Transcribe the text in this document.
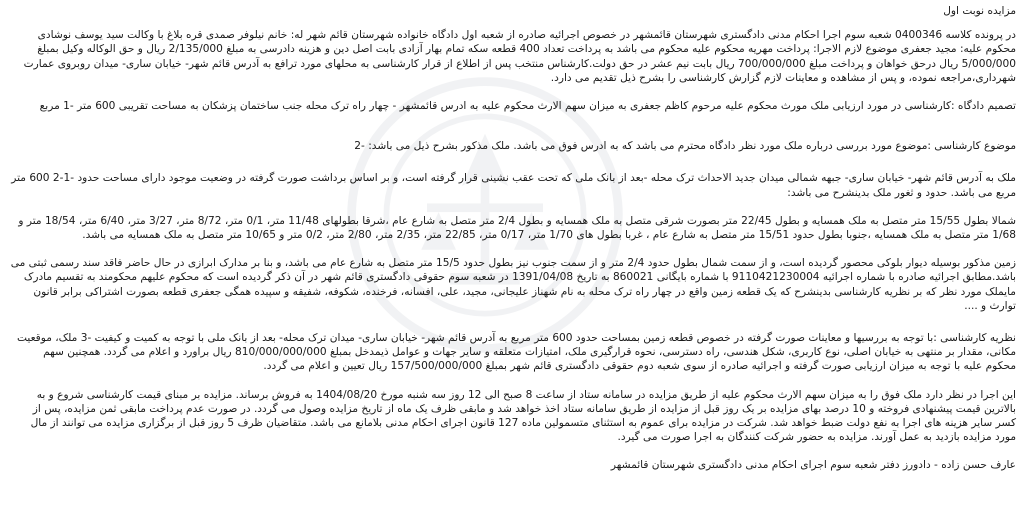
مزایده نوبت اول

در پرونده کلاسه 0400346 شعبه سوم اجرا احکام مدنی دادگستری شهرستان قائمشهر در خصوص اجرائیه صادره از شعبه اول دادگاه خانواده شهرستان قائم شهر له: خانم نیلوفر صمدی قره بلاغ با وکالت سید یوسف نوشادی محکوم علیه: مجید جعفری موضوع لازم الاجرا: پرداخت مهریه محکوم علیه محکوم می باشد به پرداخت تعداد 400 قطعه سکه تمام بهار آزادی بابت اصل دین و هزینه دادرسی به مبلغ 2/135/000 ریال و حق الوکاله وکیل بمبلغ 5/000/000 ریال درحق خواهان و پرداخت مبلغ 700/000/000 ریال بابت نیم عشر در حق دولت.کارشناس منتخب پس از اطلاع از قرار کارشناسی به محلهای مورد ترافع به آدرس قائم شهر- خیابان ساری- میدان روبروی عمارت شهرداری،مراجعه نموده، و پس از مشاهده و معاینات لازم گزارش کارشناسی را بشرح ذیل تقدیم می دارد.

تصمیم دادگاه :کارشناسی در مورد ارزیابی ملک مورث محکوم علیه مرحوم کاظم جعفری به میزان سهم الارث محکوم علیه به ادرس قائمشهر - چهار راه ترک محله جنب ساختمان پزشکان به مساحت تقریبی 600 متر -1 مربع

موضوع کارشناسی :موضوع مورد بررسی درباره ملک مورد نظر دادگاه محترم می باشد که به ادرس فوق می باشد. ملک مذکور بشرح ذیل می باشد: -2

ملک به آدرس قائم شهر- خیابان ساری- جبهه شمالی میدان جدید الاحداث ترک محله -بعد از بانک ملی که تحت عقب نشینی قرار گرفته است، و بر اساس برداشت صورت گرفته در وضعیت موجود دارای مساحت حدود -1-2 600 متر مربع می باشد. حدود و ثغور ملک بدینشرح می باشد:

شمالا بطول 15/55 متر متصل به ملک همسایه و بطول 22/45 متر بصورت شرقی متصل به ملک همسایه و بطول 2/4 متر متصل به شارع عام ،شرقا بطولهای 11/48 متر، 0/1 متر، 8/72 متر، 3/27 متر، 6/40 متر، 18/54 متر و 1/68 متر متصل به ملک همسایه ،جنوبا بطول حدود 15/51 متر متصل به شارع عام ، غربا بطول های 1/70 متر، 0/17 متر، 22/85 متر، 2/35 متر، 2/80 متر، 0/2 متر و 10/65 متر متصل به ملک همسایه می باشد.

زمین مذکور بوسیله دیوار بلوکی محصور گردیده است، و از سمت شمال بطول حدود 2/4 متر و از سمت جنوب نیز بطول حدود 15/5 متر متصل به شارع عام می باشد، و بنا بر مدارک ابرازی در حال حاضر فاقد سند رسمی ثبتی می باشد.مطابق اجرائیه صادره با شماره اجرائیه 9110421230004 با شماره بایگانی 860021 به تاریخ 1391/04/08 در شعبه سوم حقوقی دادگستری قائم شهر در آن ذکر گردیده است که محکوم علیهم محکومند به تقسیم مادرک مایملک مورد نظر که بر نظریه کارشناسی بدینشرح که یک قطعه زمین واقع در چهار راه ترک محله به نام شهناز علیجانی، مجید، علی، افسانه، فرخنده، شکوفه، شفیقه و سپیده همگی جعفری قطعه بصورت اشتراکی برابر قانون توارث و ....

نظریه کارشناسی :با توجه به بررسیها و معاینات صورت گرفته در خصوص قطعه زمین بمساحت حدود 600 متر مربع به آدرس قائم شهر- خیابان ساری- میدان ترک محله- بعد از بانک ملی با توجه به کمیت و کیفیت -3 ملک، موقعیت مکانی، مقدار بر منتهی به خیابان اصلی، نوع کاربری، شکل هندسی، راه دسترسی، نحوه قرارگیری ملک، امتیازات متعلقه و سایر جهات و عوامل ذیمدخل بمبلغ 810/000/000/000 ریال براورد و اعلام می گردد. همچنین سهم محکوم علیه با توجه به میزان ارزیابی صورت گرفته و اجرائیه صادره از سوی شعبه دوم حقوقی دادگستری قائم شهر بمبلغ 157/500/000/000 ریال تعیین و اعلام می گردد.

این اجرا در نظر دارد ملک فوق را به میزان سهم الارث محکوم علیه از طریق مزایده در سامانه ستاد از ساعت 8 صبح الی 12 روز سه شنبه مورخ 1404/08/20 به فروش برساند. مزایده بر مبنای قیمت کارشناسی شروع و به بالاترین قیمت پیشنهادی فروخته و 10 درصد بهای مزایده بر یک روز قبل از مزایده از طریق سامانه ستاد اخذ خواهد شد و مابقی ظرف یک ماه از تاریخ مزایده وصول می گردد. در صورت عدم پرداخت مابقی ثمن مزایده، پس از کسر سایر هزینه های اجرا به نفع دولت ضبط خواهد شد. شرکت در مزایده برای عموم به استثنای متسمولین ماده 127 قانون اجرای احکام مدنی بلامانع می باشد. متقاضیان ظرف 5 روز قبل از برگزاری مزایده می توانند از مال مورد مزایده بازدید به عمل آورند. مزایده به حضور شرکت کنندگان به اجرا صورت می گیرد.

عارف حسن زاده - دادورز دفتر شعبه سوم اجرای احکام مدنی دادگستری شهرستان قائمشهر
